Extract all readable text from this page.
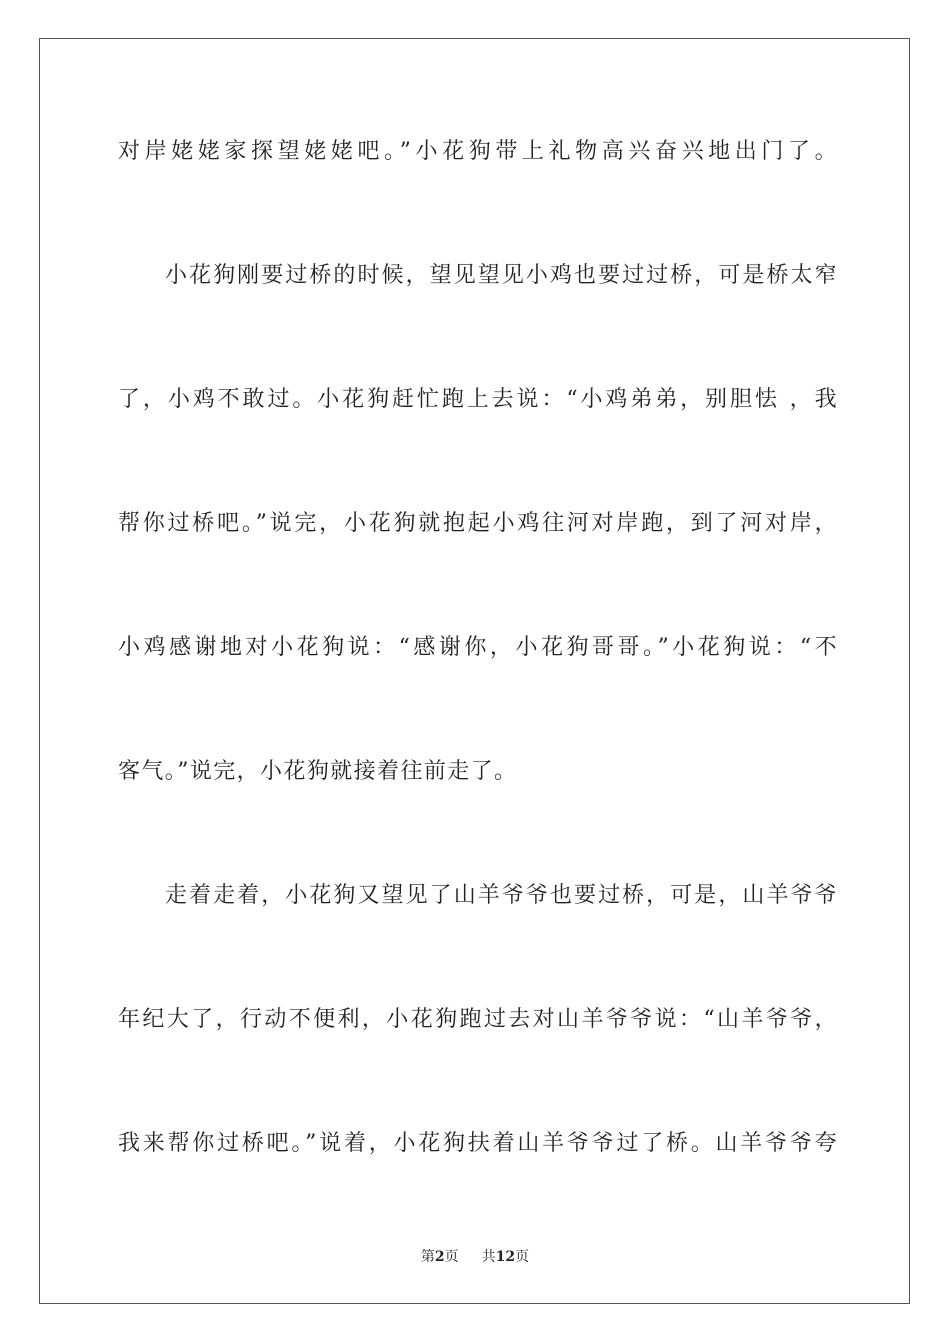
对岸姥姥家探望姥姥吧。”小花狗带上礼物高兴奋兴地出门了。
小花狗刚要过桥的时候，望见望见小鸡也要过过桥，可是桥太窄
了，小鸡不敢过。小花狗赶忙跑上去说：“小鸡弟弟，别胆怯 ，我
帮你过桥吧。”说完，小花狗就抱起小鸡往河对岸跑，到了河对岸，
小鸡感谢地对小花狗说：“感谢你，小花狗哥哥。”小花狗说：“不
客气。”说完，小花狗就接着往前走了。
走着走着，小花狗又望见了山羊爷爷也要过桥，可是，山羊爷爷
年纪大了，行动不便利，小花狗跑过去对山羊爷爷说：“山羊爷爷，
我来帮你过桥吧。”说着，小花狗扶着山羊爷爷过了桥。山羊爷爷夸
第2页 共12页
